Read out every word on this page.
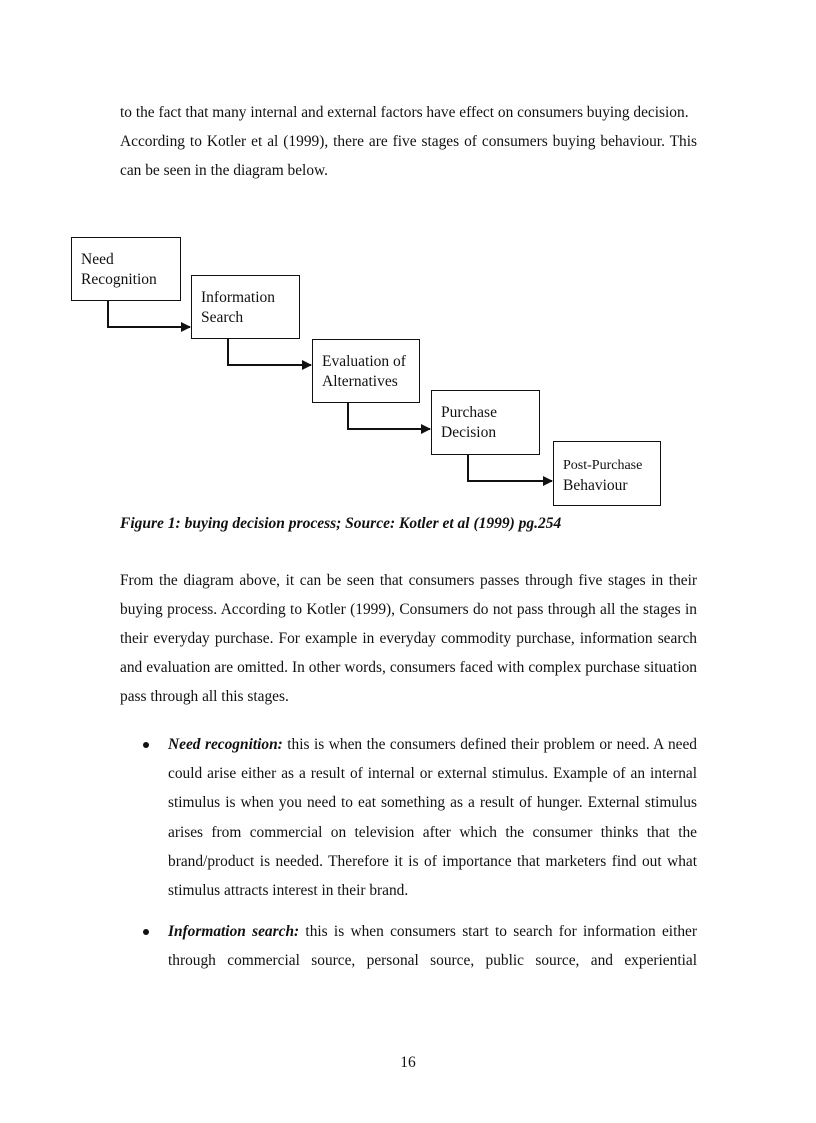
to the fact that many internal and external factors have effect on consumers buying decision.
According to Kotler et al (1999), there are five stages of consumers buying behaviour. This can be seen in the diagram below.
Need
Recognition
Information
Search
Evaluation of
Alternatives
Purchase
Decision
Post-Purchase
Behaviour

Figure 1: buying decision process; Source: Kotler et al (1999) pg.254

From the diagram above, it can be seen that consumers passes through five stages in their buying process. According to Kotler (1999), Consumers do not pass through all the stages in their everyday purchase. For example in everyday commodity purchase, information search and evaluation are omitted. In other words, consumers faced with complex purchase situation pass through all this stages.

Need recognition: this is when the consumers defined their problem or need. A need could arise either as a result of internal or external stimulus. Example of an internal stimulus is when you need to eat something as a result of hunger. External stimulus arises from commercial on television after which the consumer thinks that the brand/product is needed. Therefore it is of importance that marketers find out what stimulus attracts interest in their brand.
Information search: this is when consumers start to search for information either through commercial source, personal source, public source, and experiential

16
